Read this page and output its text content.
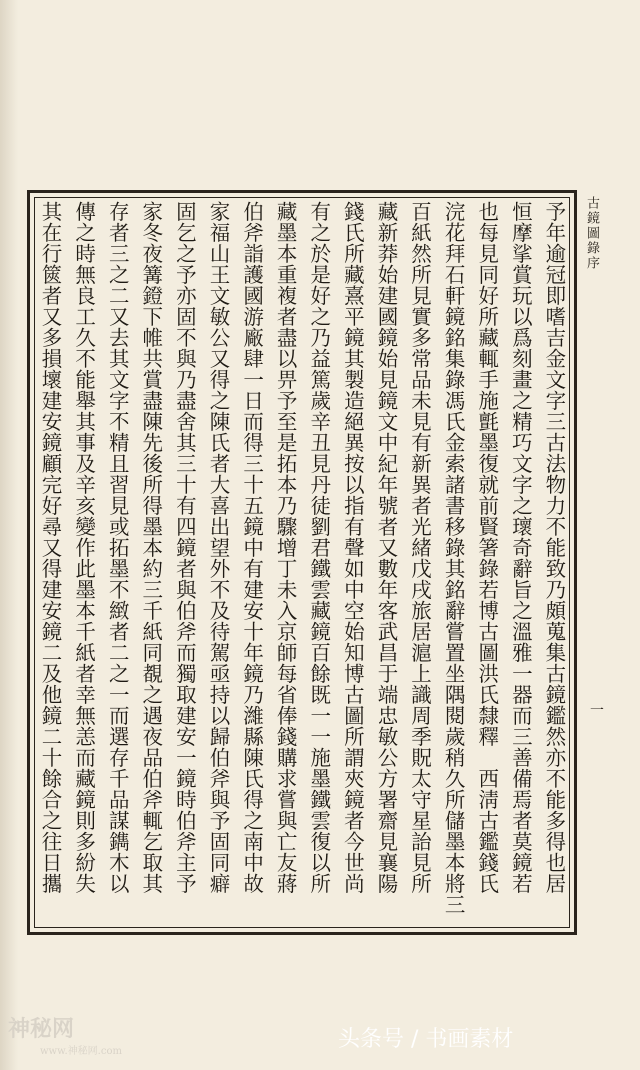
予年逾冠即嗜吉金文字三古法物力不能致乃頗蒐集古鏡鑑然亦不能多得也居
恒摩挲賞玩以爲刻畫之精巧文字之瓌奇辭旨之溫雅一器而三善備焉者莫鏡若
也每見同好所藏輒手施氈墨復就前賢箸錄若博古圖洪氏隸釋　西淸古鑑錢氏
浣花拜石軒鏡銘集錄馮氏金索諸書移錄其銘辭嘗置坐隅閱歲稍久所儲墨本將三
百紙然所見實多常品未見有新異者光緒戊戌旅居滬上識周季貺太守星詒見所
藏新莽始建國鏡始見鏡文中紀年號者又數年客武昌于端忠敏公方署齋見襄陽
錢氏所藏熹平鏡其製造絕異按以指有聲如中空始知博古圖所謂夾鏡者今世尚
有之於是好之乃益篤歲辛丑見丹徒劉君鐵雲藏鏡百餘既一一施墨鐵雲復以所
藏墨本重複者盡以畀予至是拓本乃驟增丁未入京師每省俸錢購求嘗與亡友蔣
伯斧詣護國游廠肆一日而得三十五鏡中有建安十年鏡乃濰縣陳氏得之南中故
家福山王文敏公又得之陳氏者大喜出望外不及待駕亟持以歸伯斧與予固同癖
固乞之予亦固不與乃盡舍其三十有四鏡者與伯斧而獨取建安一鏡時伯斧主予
家冬夜篝鐙下帷共賞盡陳先後所得墨本約三千紙同覩之遇夜品伯斧輒乞取其
存者三之二又去其文字不精且習見或拓墨不緻者二之一而選存千品謀鐫木以
傳之時無良工久不能舉其事及辛亥變作此墨本千紙者幸無恙而藏鏡則多紛失
其在行篋者又多損壞建安鏡顧完好尋又得建安鏡二及他鏡二十餘合之往日攜	古鏡圖錄序
一
神秘网
www.神秘网.com	头条号 / 书画素材
